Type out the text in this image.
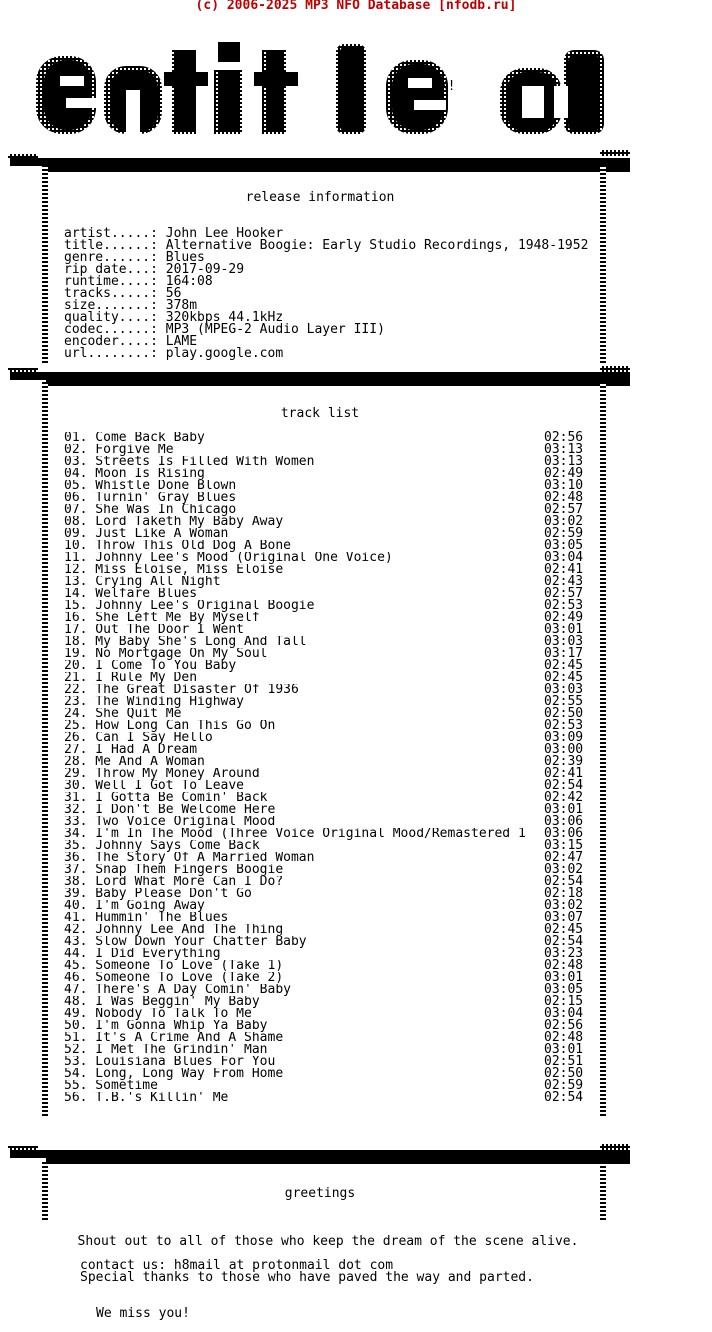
(c) 2006-2025 MP3 NFO Database [nfodb.ru]
hX!
release information
artist.....: John Lee Hooker
title......: Alternative Boogie: Early Studio Recordings, 1948-1952
genre......: Blues
rip date...: 2017-09-29
runtime....: 164:08
tracks.....: 56
size.......: 378m
quality....: 320kbps 44.1kHz
codec......: MP3 (MPEG-2 Audio Layer III)
encoder....: LAME
url........: play.google.com
track list
01. Come Back Baby	02:56
02. Forgive Me	03:13
03. Streets Is Filled With Women	03:13
04. Moon Is Rising	02:49
05. Whistle Done Blown	03:10
06. Turnin' Gray Blues	02:48
07. She Was In Chicago	02:57
08. Lord Taketh My Baby Away	03:02
09. Just Like A Woman	02:59
10. Throw This Old Dog A Bone	03:05
11. Johnny Lee's Mood (Original One Voice)	03:04
12. Miss Eloise, Miss Eloise	02:41
13. Crying All Night	02:43
14. Welfare Blues	02:57
15. Johnny Lee's Original Boogie	02:53
16. She Left Me By Myself	02:49
17. Out The Door I Went	03:01
18. My Baby She's Long And Tall	03:03
19. No Mortgage On My Soul	03:17
20. I Come To You Baby	02:45
21. I Rule My Den	02:45
22. The Great Disaster Of 1936	03:03
23. The Winding Highway	02:55
24. She Quit Me	02:50
25. How Long Can This Go On	02:53
26. Can I Say Hello	03:09
27. I Had A Dream	03:00
28. Me And A Woman	02:39
29. Throw My Money Around	02:41
30. Well I Got To Leave	02:54
31. I Gotta Be Comin' Back	02:42
32. I Don't Be Welcome Here	03:01
33. Two Voice Original Mood	03:06
34. I'm In The Mood (Three Voice Original Mood/Remastered 1	03:06
35. Johnny Says Come Back	03:15
36. The Story Of A Married Woman	02:47
37. Snap Them Fingers Boogie	03:02
38. Lord What More Can I Do?	02:54
39. Baby Please Don't Go	02:18
40. I'm Going Away	03:02
41. Hummin' The Blues	03:07
42. Johnny Lee And The Thing	02:45
43. Slow Down Your Chatter Baby	02:54
44. I Did Everything	03:23
45. Someone To Love (Take 1)	02:48
46. Someone To Love (Take 2)	03:01
47. There's A Day Comin' Baby	03:05
48. I Was Beggin' My Baby	02:15
49. Nobody To Talk To Me	03:04
50. I'm Gonna Whip Ya Baby	02:56
51. It's A Crime And A Shame	02:48
52. I Met The Grindin' Man	03:01
53. Louisiana Blues For You	02:51
54. Long, Long Way From Home	02:50
55. Sometime	02:59
56. T.B.'s Killin' Me	02:54
greetings

Shout out to all of those who keep the dream of the scene alive.

Special thanks to those who have paved the way and parted.

We miss you!

contact us: h8mail at protonmail dot com
